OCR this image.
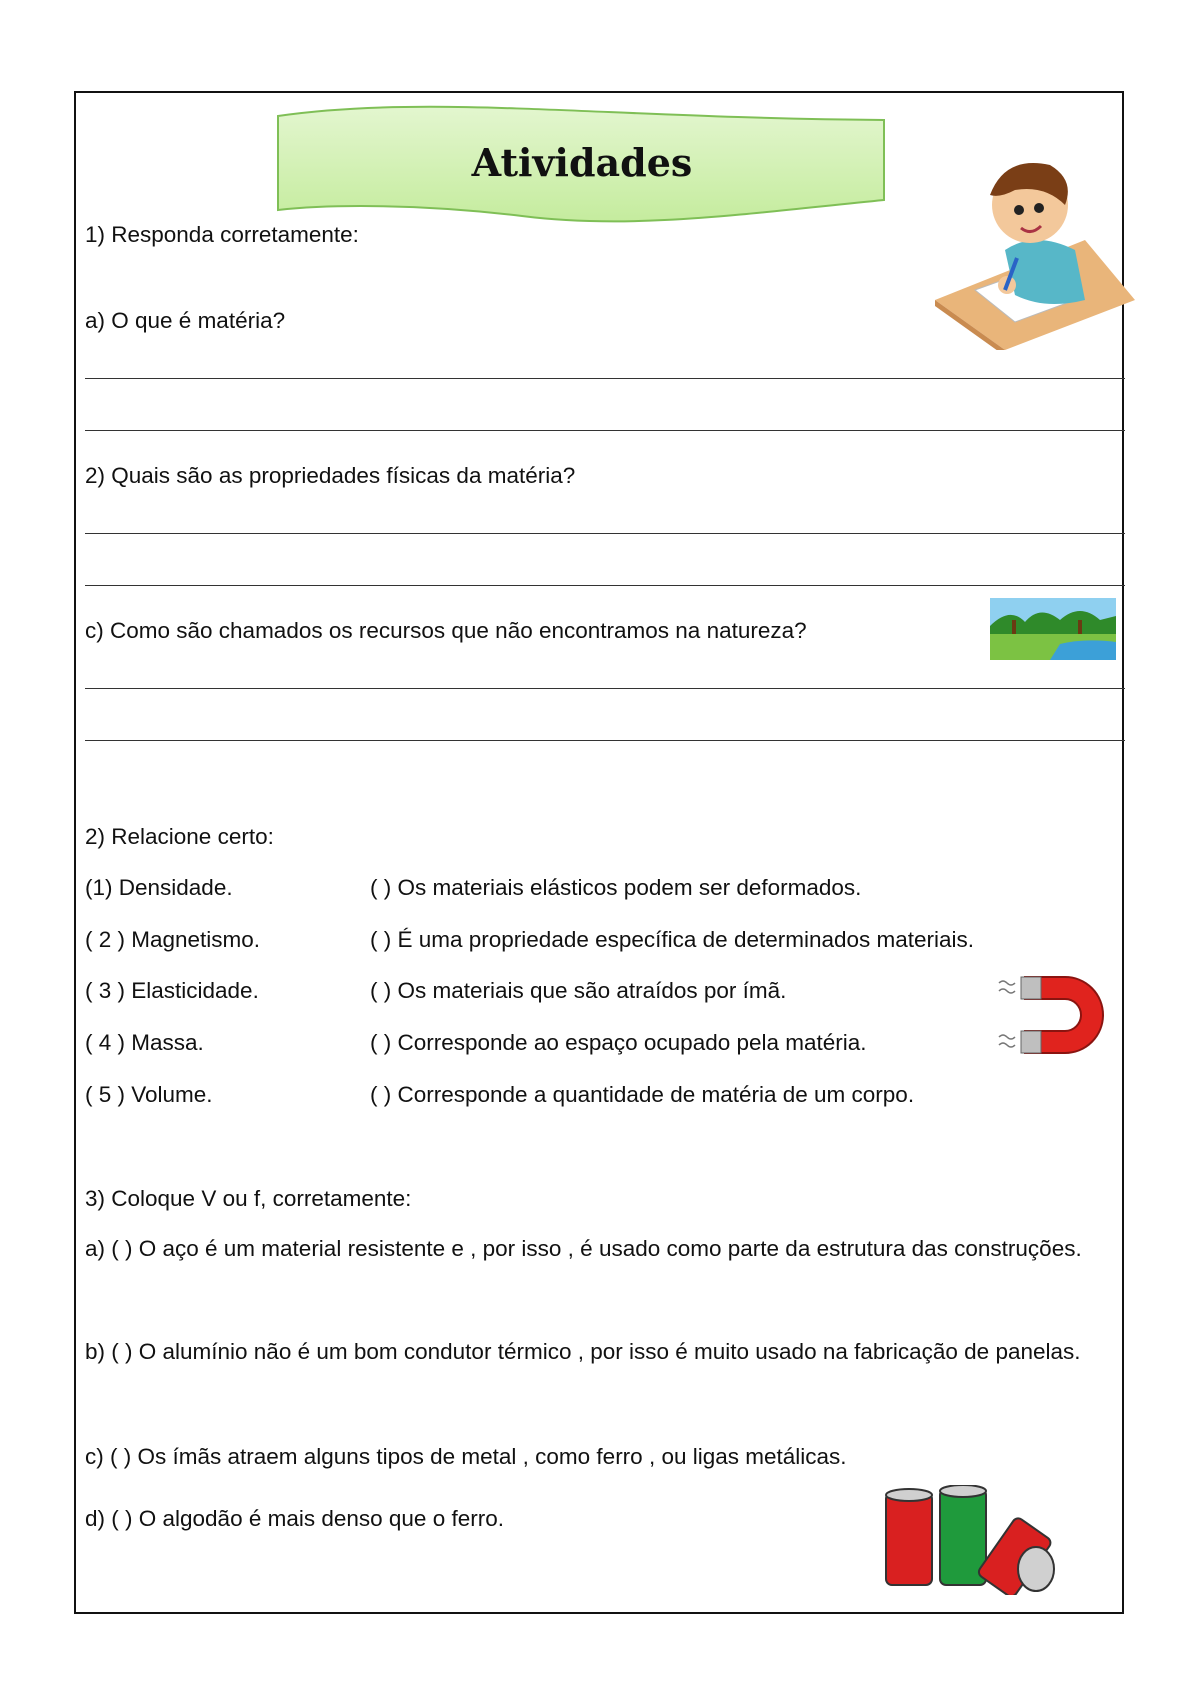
Atividades
1) Responda corretamente:
a) O que é matéria?
2) Quais são as propriedades físicas da matéria?
c) Como são chamados os recursos que não encontramos na natureza?
2) Relacione certo:
(1) Densidade.	( ) Os materiais elásticos podem ser deformados.
( 2 ) Magnetismo.	( ) É uma propriedade específica de determinados materiais.
( 3 ) Elasticidade.	( ) Os materiais que são atraídos por ímã.
( 4 ) Massa.	( ) Corresponde ao espaço ocupado pela matéria.
( 5 ) Volume.	( ) Corresponde a quantidade de matéria de um corpo.
3) Coloque V ou f, corretamente:
a) ( ) O aço é um material resistente e , por isso , é usado como parte da estrutura das construções.
b) ( ) O alumínio não é um bom condutor térmico , por isso é muito usado na fabricação de panelas.
c) ( ) Os ímãs atraem alguns tipos de metal , como ferro , ou ligas metálicas.
d) ( ) O algodão é mais denso que o ferro.
